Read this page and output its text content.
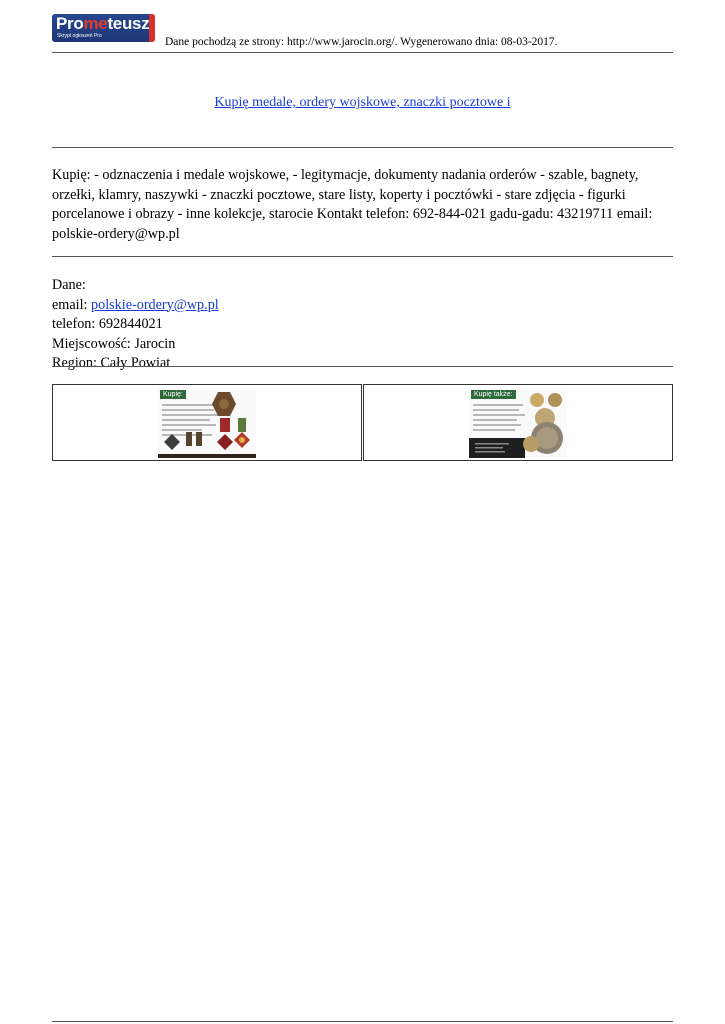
Prometeusz
Skrypt ogłoszeń Pro	Dane pochodzą ze strony: http://www.jarocin.org/. Wygenerowano dnia: 08-03-2017.
Kupię medale, ordery wojskowe, znaczki pocztowe i
Kupię: - odznaczenia i medale wojskowe, - legitymacje, dokumenty nadania orderów - szable, bagnety, orzełki, klamry, naszywki - znaczki pocztowe, stare listy, koperty i pocztówki - stare zdjęcia - figurki porcelanowe i obrazy - inne kolekcje, starocie Kontakt telefon: 692-844-021 gadu-gadu: 43219711 email: polskie-ordery@wp.pl
Dane:
email: polskie-ordery@wp.pl
telefon: 692844021
Miejscowość: Jarocin
Region: Cały Powiat
Kupię:	Kupię także:
